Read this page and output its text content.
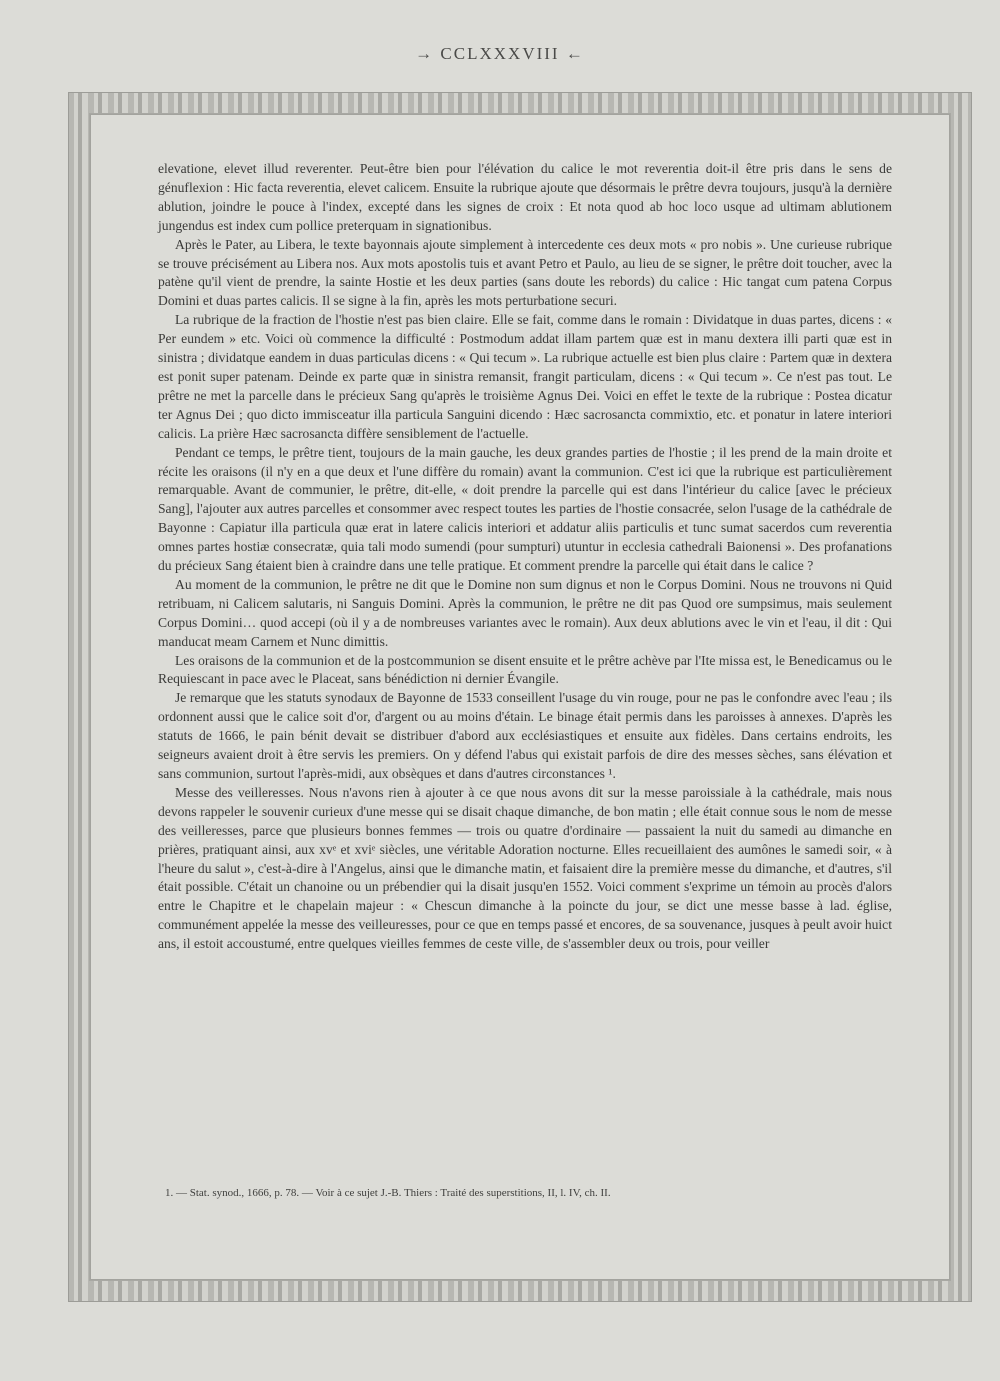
→ CCLXXXVIII ←

elevatione, elevet illud reverenter. Peut-être bien pour l'élévation du calice le mot reverentia doit-il être pris dans le sens de génuflexion : Hic facta reverentia, elevet calicem. Ensuite la rubrique ajoute que désormais le prêtre devra toujours, jusqu'à la dernière ablution, joindre le pouce à l'index, excepté dans les signes de croix : Et nota quod ab hoc loco usque ad ultimam ablutionem jungendus est index cum pollice preterquam in signationibus.

Après le Pater, au Libera, le texte bayonnais ajoute simplement à intercedente ces deux mots « pro nobis ». Une curieuse rubrique se trouve précisément au Libera nos. Aux mots apostolis tuis et avant Petro et Paulo, au lieu de se signer, le prêtre doit toucher, avec la patène qu'il vient de prendre, la sainte Hostie et les deux parties (sans doute les rebords) du calice : Hic tangat cum patena Corpus Domini et duas partes calicis. Il se signe à la fin, après les mots perturbatione securi.

La rubrique de la fraction de l'hostie n'est pas bien claire. Elle se fait, comme dans le romain : Dividatque in duas partes, dicens : « Per eundem » etc. Voici où commence la difficulté : Postmodum addat illam partem quæ est in manu dextera illi parti quæ est in sinistra ; dividatque eandem in duas particulas dicens : « Qui tecum ». La rubrique actuelle est bien plus claire : Partem quæ in dextera est ponit super patenam. Deinde ex parte quæ in sinistra remansit, frangit particulam, dicens : « Qui tecum ». Ce n'est pas tout. Le prêtre ne met la parcelle dans le précieux Sang qu'après le troisième Agnus Dei. Voici en effet le texte de la rubrique : Postea dicatur ter Agnus Dei ; quo dicto immisceatur illa particula Sanguini dicendo : Hæc sacrosancta commixtio, etc. et ponatur in latere interiori calicis. La prière Hæc sacrosancta diffère sensiblement de l'actuelle.

Pendant ce temps, le prêtre tient, toujours de la main gauche, les deux grandes parties de l'hostie ; il les prend de la main droite et récite les oraisons (il n'y en a que deux et l'une diffère du romain) avant la communion. C'est ici que la rubrique est particulièrement remarquable. Avant de communier, le prêtre, dit-elle, « doit prendre la parcelle qui est dans l'intérieur du calice [avec le précieux Sang], l'ajouter aux autres parcelles et consommer avec respect toutes les parties de l'hostie consacrée, selon l'usage de la cathédrale de Bayonne : Capiatur illa particula quæ erat in latere calicis interiori et addatur aliis particulis et tunc sumat sacerdos cum reverentia omnes partes hostiæ consecratæ, quia tali modo sumendi (pour sumpturi) utuntur in ecclesia cathedrali Baionensi ». Des profanations du précieux Sang étaient bien à craindre dans une telle pratique. Et comment prendre la parcelle qui était dans le calice ?

Au moment de la communion, le prêtre ne dit que le Domine non sum dignus et non le Corpus Domini. Nous ne trouvons ni Quid retribuam, ni Calicem salutaris, ni Sanguis Domini. Après la communion, le prêtre ne dit pas Quod ore sumpsimus, mais seulement Corpus Domini… quod accepi (où il y a de nombreuses variantes avec le romain). Aux deux ablutions avec le vin et l'eau, il dit : Qui manducat meam Carnem et Nunc dimittis.

Les oraisons de la communion et de la postcommunion se disent ensuite et le prêtre achève par l'Ite missa est, le Benedicamus ou le Requiescant in pace avec le Placeat, sans bénédiction ni dernier Évangile.

Je remarque que les statuts synodaux de Bayonne de 1533 conseillent l'usage du vin rouge, pour ne pas le confondre avec l'eau ; ils ordonnent aussi que le calice soit d'or, d'argent ou au moins d'étain. Le binage était permis dans les paroisses à annexes. D'après les statuts de 1666, le pain bénit devait se distribuer d'abord aux ecclésiastiques et ensuite aux fidèles. Dans certains endroits, les seigneurs avaient droit à être servis les premiers. On y défend l'abus qui existait parfois de dire des messes sèches, sans élévation et sans communion, surtout l'après-midi, aux obsèques et dans d'autres circonstances ¹.

Messe des veilleresses. Nous n'avons rien à ajouter à ce que nous avons dit sur la messe paroissiale à la cathédrale, mais nous devons rappeler le souvenir curieux d'une messe qui se disait chaque dimanche, de bon matin ; elle était connue sous le nom de messe des veilleresses, parce que plusieurs bonnes femmes — trois ou quatre d'ordinaire — passaient la nuit du samedi au dimanche en prières, pratiquant ainsi, aux xvᵉ et xviᵉ siècles, une véritable Adoration nocturne. Elles recueillaient des aumônes le samedi soir, « à l'heure du salut », c'est-à-dire à l'Angelus, ainsi que le dimanche matin, et faisaient dire la première messe du dimanche, et d'autres, s'il était possible. C'était un chanoine ou un prébendier qui la disait jusqu'en 1552. Voici comment s'exprime un témoin au procès d'alors entre le Chapitre et le chapelain majeur : « Chescun dimanche à la poincte du jour, se dict une messe basse à lad. église, communément appelée la messe des veilleuresses, pour ce que en temps passé et encores, de sa souvenance, jusques à peult avoir huict ans, il estoit accoustumé, entre quelques vieilles femmes de ceste ville, de s'assembler deux ou trois, pour veiller

1. — Stat. synod., 1666, p. 78. — Voir à ce sujet J.-B. Thiers : Traité des superstitions, II, l. IV, ch. II.
